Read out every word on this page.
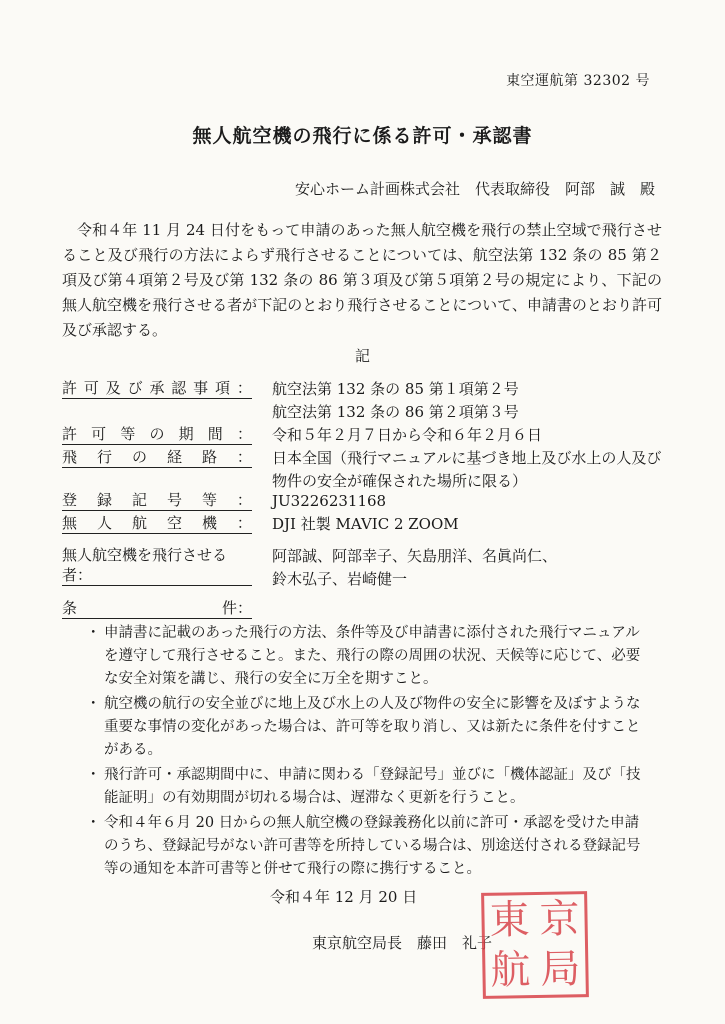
東空運航第 32302 号
無人航空機の飛行に係る許可・承認書
安心ホーム計画株式会社　代表取締役　阿部　誠　殿
令和４年 11 月 24 日付をもって申請のあった無人航空機を飛行の禁止空域で飛行させること及び飛行の方法によらず飛行させることについては、航空法第 132 条の 85 第２項及び第４項第２号及び第 132 条の 86 第３項及び第５項第２号の規定により、下記の無人航空機を飛行させる者が下記のとおり飛行させることについて、申請書のとおり許可及び承認する。
記
許 可 及 び 承 認 事 項 ： 航空法第 132 条の 85 第１項第２号
航空法第 132 条の 86 第２項第３号
許 可 等 の 期 間 ： 令和５年２月７日から令和６年２月６日
飛 行 の 経 路 ： 日本全国（飛行マニュアルに基づき地上及び水上の人及び物件の安全が確保された場所に限る）
登 録 記 号 等 ： JU3226231168
無 人 航 空 機 ： DJI 社製 MAVIC 2 ZOOM
無人航空機を飛行させる者：
阿部誠、阿部幸子、矢島朋洋、名眞尚仁、
鈴木弘子、岩崎健一
条	件：
・ 申請書に記載のあった飛行の方法、条件等及び申請書に添付された飛行マニュアルを遵守して飛行させること。また、飛行の際の周囲の状況、天候等に応じて、必要な安全対策を講じ、飛行の安全に万全を期すこと。
・ 航空機の航行の安全並びに地上及び水上の人及び物件の安全に影響を及ぼすような重要な事情の変化があった場合は、許可等を取り消し、又は新たに条件を付すことがある。
・ 飛行許可・承認期間中に、申請に関わる「登録記号」並びに「機体認証」及び「技能証明」の有効期間が切れる場合は、遅滞なく更新を行うこと。
・ 令和４年６月 20 日からの無人航空機の登録義務化以前に許可・承認を受けた申請のうち、登録記号がない許可書等を所持している場合は、別途送付される登録記号等の通知を本許可書等と併せて飛行の際に携行すること。
令和４年 12 月 20 日
東京航空局長　藤田　礼子
東 京
航 局
